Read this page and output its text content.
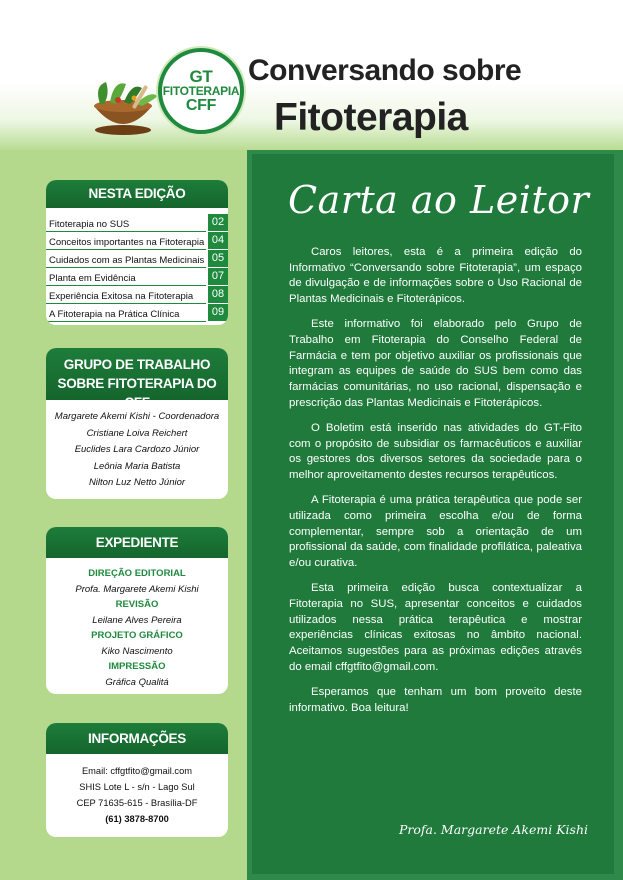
GT
FITOTERAPIA
CFF
Conversando sobre
Fitoterapia
NESTA EDIÇÃO
Fitoterapia no SUS	02
Conceitos importantes na Fitoterapia 04
Cuidados com as Plantas Medicinais 05
Planta em Evidência	07
Experiência Exitosa na Fitoterapia	08
A Fitoterapia na Prática Clínica	09
GRUPO DE TRABALHO
SOBRE FITOTERAPIA DO CFF
Margarete Akemi Kishi - Coordenadora
Cristiane Loiva Reichert
Euclides Lara Cardozo Júnior
Leônia Maria Batista
Nilton Luz Netto Júnior
EXPEDIENTE
DIREÇÃO EDITORIAL
Profa. Margarete Akemi Kishi
REVISÃO
Leilane Alves Pereira
PROJETO GRÁFICO
Kiko Nascimento
IMPRESSÃO
Gráfica Qualitá
INFORMAÇÕES
Email: cffgtfito@gmail.com
SHIS Lote L - s/n - Lago Sul
CEP 71635-615 - Brasília-DF
(61) 3878-8700
Carta ao Leitor

Caros leitores, esta é a primeira edição do Informativo “Conversando sobre Fitoterapia”, um espaço de divulgação e de informações sobre o Uso Racional de Plantas Medicinais e Fitoterápicos.

Este informativo foi elaborado pelo Grupo de Trabalho em Fitoterapia do Conselho Federal de Farmácia e tem por objetivo auxiliar os profissionais que integram as equipes de saúde do SUS bem como das farmácias comunitárias, no uso racional, dispensação e prescrição das Plantas Medicinais e Fitoterápicos.

O Boletim está inserido nas atividades do GT-Fito com o propósito de subsidiar os farmacêuticos e auxiliar os gestores dos diversos setores da sociedade para o melhor aproveitamento destes recursos terapêuticos.

A Fitoterapia é uma prática terapêutica que pode ser utilizada como primeira escolha e/ou de forma complementar, sempre sob a orientação de um profissional da saúde, com finalidade profilática, paleativa e/ou curativa.

Esta primeira edição busca contextualizar a Fitoterapia no SUS, apresentar conceitos e cuidados utilizados nessa prática terapêutica e mostrar experiências clínicas exitosas no âmbito nacional. Aceitamos sugestões para as próximas edições através do email cffgtfito@gmail.com.

Esperamos que tenham um bom proveito deste informativo. Boa leitura!

Profa. Margarete Akemi Kishi
